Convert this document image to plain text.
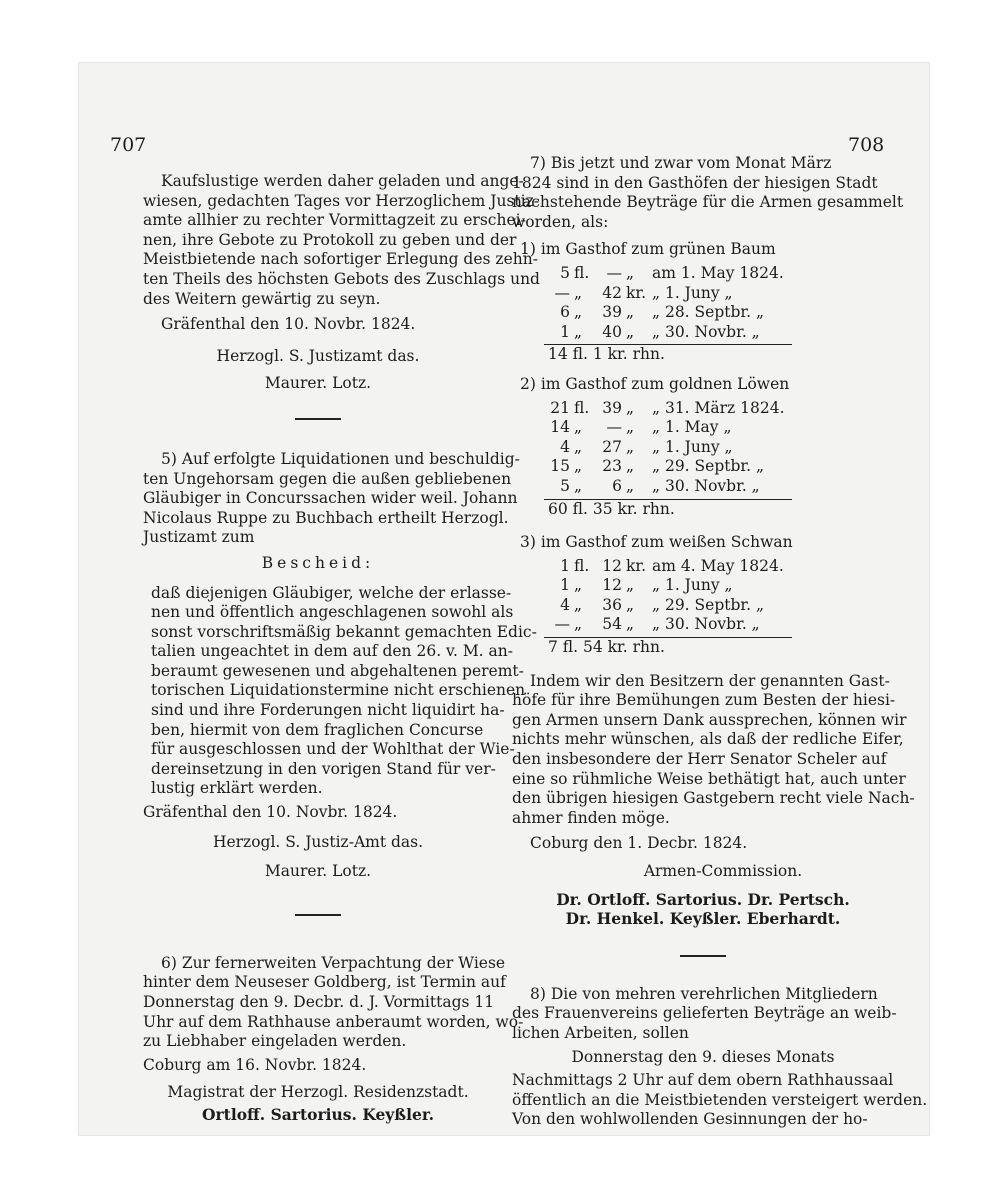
707	708
Kaufslustige werden daher geladen und ange-
wiesen, gedachten Tages vor Herzoglichem Justiz-
amte allhier zu rechter Vormittagzeit zu erschei-
nen, ihre Gebote zu Protokoll zu geben und der
Meistbietende nach sofortiger Erlegung des zehn-
ten Theils des höchsten Gebots des Zuschlags und
des Weitern gewärtig zu seyn.
Gräfenthal den 10. Novbr. 1824.
Herzogl. S. Justizamt das.
Maurer. Lotz.
5) Auf erfolgte Liquidationen und beschuldig-
ten Ungehorsam gegen die außen gebliebenen
Gläubiger in Concurssachen wider weil. Johann
Nicolaus Ruppe zu Buchbach ertheilt Herzogl.
Justizamt zum
Bescheid:
daß diejenigen Gläubiger, welche der erlasse-
nen und öffentlich angeschlagenen sowohl als
sonst vorschriftsmäßig bekannt gemachten Edic-
talien ungeachtet in dem auf den 26. v. M. an-
beraumt gewesenen und abgehaltenen peremt-
torischen Liquidationstermine nicht erschienen
sind und ihre Forderungen nicht liquidirt ha-
ben, hiermit von dem fraglichen Concurse
für ausgeschlossen und der Wohlthat der Wie-
dereinsetzung in den vorigen Stand für ver-
lustig erklärt werden.
Gräfenthal den 10. Novbr. 1824.
Herzogl. S. Justiz-Amt das.
Maurer. Lotz.
6) Zur fernerweiten Verpachtung der Wiese
hinter dem Neuseser Goldberg, ist Termin auf
Donnerstag den 9. Decbr. d. J. Vormittags 11
Uhr auf dem Rathhause anberaumt worden, wo-
zu Liebhaber eingeladen werden.
Coburg am 16. Novbr. 1824.
Magistrat der Herzogl. Residenzstadt.
Ortloff. Sartorius. Keyßler.
7) Bis jetzt und zwar vom Monat März
1824 sind in den Gasthöfen der hiesigen Stadt
nachstehende Beyträge für die Armen gesammelt
worden, als:
1) im Gasthof zum grünen Baum
5	fl.	—	„	am 1. May 1824.
—	„	42	kr.	„ 1. Juny „
6	„	39	„	„ 28. Septbr. „
1	„	40	„	„ 30. Novbr. „
14 fl. 1 kr. rhn.
2) im Gasthof zum goldnen Löwen
21	fl.	39	„	„ 31. März 1824.
14	„	—	„	„ 1. May „
4	„	27	„	„ 1. Juny „
15	„	23	„	„ 29. Septbr. „
5	„	6	„	„ 30. Novbr. „
60 fl. 35 kr. rhn.
3) im Gasthof zum weißen Schwan
1	fl.	12	kr.	am 4. May 1824.
1	„	12	„	„ 1. Juny „
4	„	36	„	„ 29. Septbr. „
—	„	54	„	„ 30. Novbr. „
7 fl. 54 kr. rhn.
Indem wir den Besitzern der genannten Gast-
höfe für ihre Bemühungen zum Besten der hiesi-
gen Armen unsern Dank aussprechen, können wir
nichts mehr wünschen, als daß der redliche Eifer,
den insbesondere der Herr Senator Scheler auf
eine so rühmliche Weise bethätigt hat, auch unter
den übrigen hiesigen Gastgebern recht viele Nach-
ahmer finden möge.
Coburg den 1. Decbr. 1824.
Armen-Commission.
Dr. Ortloff. Sartorius. Dr. Pertsch.
Dr. Henkel. Keyßler. Eberhardt.
8) Die von mehren verehrlichen Mitgliedern
des Frauenvereins gelieferten Beyträge an weib-
lichen Arbeiten, sollen
Donnerstag den 9. dieses Monats
Nachmittags 2 Uhr auf dem obern Rathhaussaal
öffentlich an die Meistbietenden versteigert werden.
Von den wohlwollenden Gesinnungen der ho-
